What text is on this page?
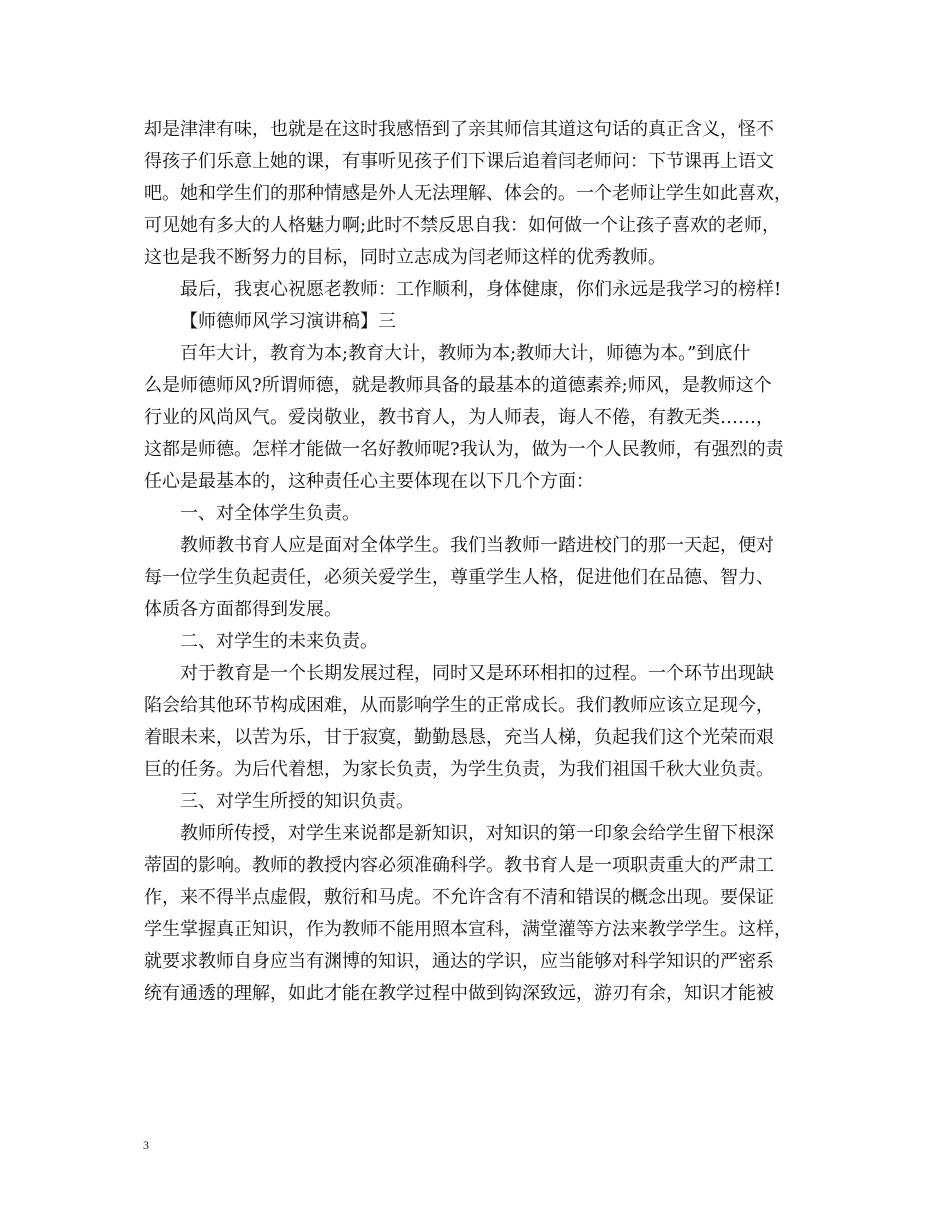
却是津津有味，也就是在这时我感悟到了亲其师信其道这句话的真正含义，怪不
得孩子们乐意上她的课，有事听见孩子们下课后追着闫老师问：下节课再上语文
吧。她和学生们的那种情感是外人无法理解、体会的。一个老师让学生如此喜欢，
可见她有多大的人格魅力啊;此时不禁反思自我：如何做一个让孩子喜欢的老师，
这也是我不断努力的目标，同时立志成为闫老师这样的优秀教师。
最后，我衷心祝愿老教师：工作顺利，身体健康，你们永远是我学习的榜样!
【师德师风学习演讲稿】三
百年大计，教育为本;教育大计，教师为本;教师大计，师德为本。”到底什
么是师德师风?所谓师德，就是教师具备的最基本的道德素养;师风，是教师这个
行业的风尚风气。爱岗敬业，教书育人，为人师表，诲人不倦，有教无类……，
这都是师德。怎样才能做一名好教师呢?我认为，做为一个人民教师，有强烈的责
任心是最基本的，这种责任心主要体现在以下几个方面：
一、对全体学生负责。
教师教书育人应是面对全体学生。我们当教师一踏进校门的那一天起，便对
每一位学生负起责任，必须关爱学生，尊重学生人格，促进他们在品德、智力、
体质各方面都得到发展。
二、对学生的未来负责。
对于教育是一个长期发展过程，同时又是环环相扣的过程。一个环节出现缺
陷会给其他环节构成困难，从而影响学生的正常成长。我们教师应该立足现今，
着眼未来，以苦为乐，甘于寂寞，勤勤恳恳，充当人梯，负起我们这个光荣而艰
巨的任务。为后代着想，为家长负责，为学生负责，为我们祖国千秋大业负责。
三、对学生所授的知识负责。
教师所传授，对学生来说都是新知识，对知识的第一印象会给学生留下根深
蒂固的影响。教师的教授内容必须准确科学。教书育人是一项职责重大的严肃工
作，来不得半点虚假，敷衍和马虎。不允许含有不清和错误的概念出现。要保证
学生掌握真正知识，作为教师不能用照本宣科，满堂灌等方法来教学学生。这样，
就要求教师自身应当有渊博的知识，通达的学识，应当能够对科学知识的严密系
统有通透的理解，如此才能在教学过程中做到钩深致远，游刃有余，知识才能被
3
